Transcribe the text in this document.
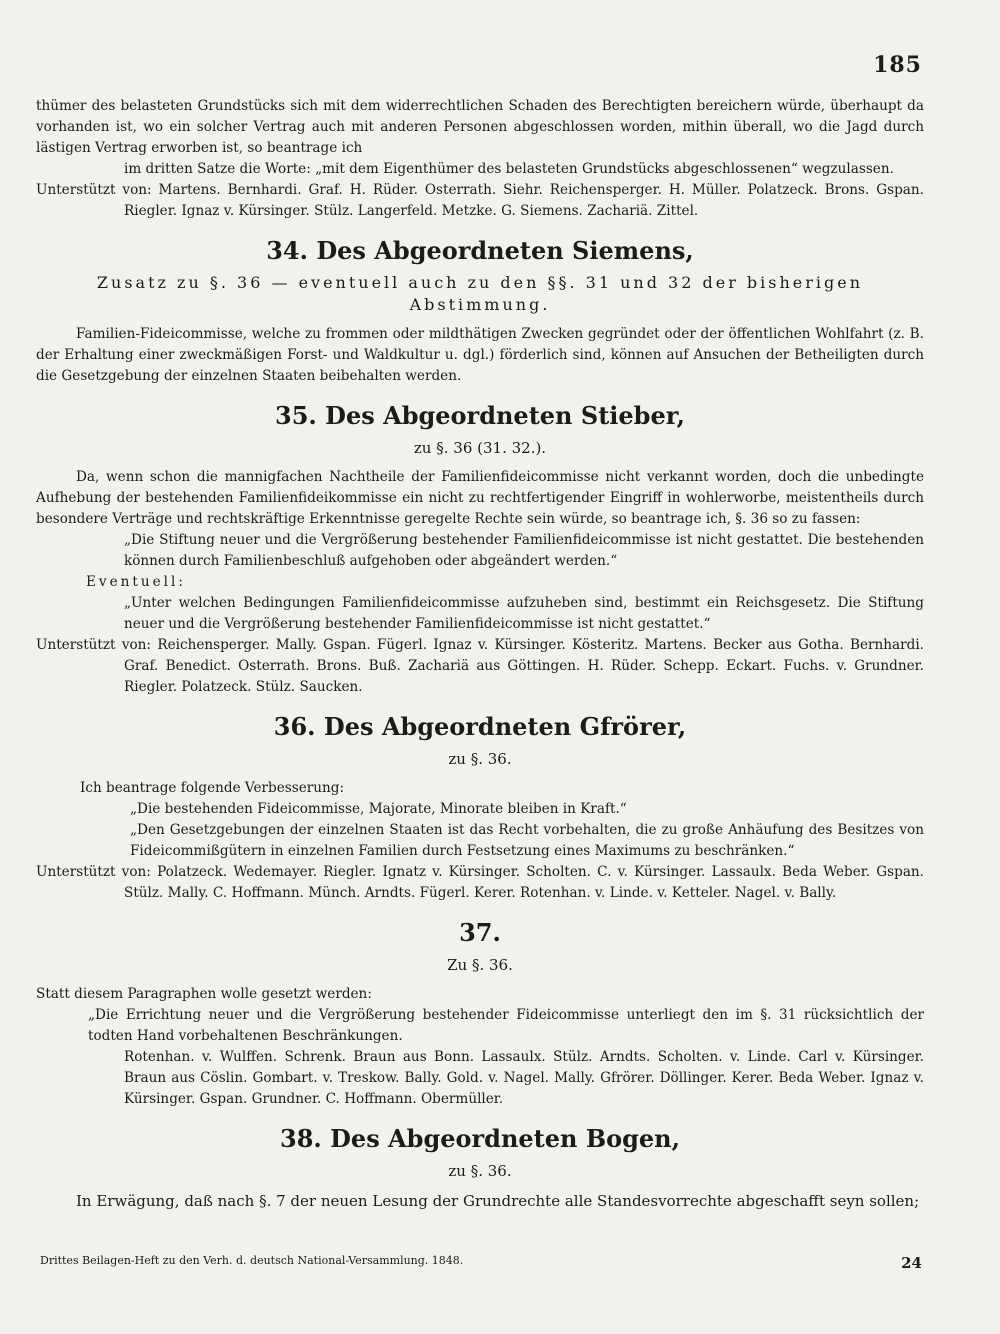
185

thümer des belasteten Grundstücks sich mit dem widerrechtlichen Schaden des Berechtigten bereichern würde, überhaupt da vorhanden ist, wo ein solcher Vertrag auch mit anderen Personen abgeschlossen worden, mithin überall, wo die Jagd durch lästigen Vertrag erworben ist, so beantrage ich

im dritten Satze die Worte: „mit dem Eigenthümer des belasteten Grundstücks abgeschlossenen“ wegzulassen.

Unterstützt von: Martens. Bernhardi. Graf. H. Rüder. Osterrath. Siehr. Reichensperger. H. Müller. Polatzeck. Brons. Gspan. Riegler. Ignaz v. Kürsinger. Stülz. Langerfeld. Metzke. G. Siemens. Zachariä. Zittel.

34. Des Abgeordneten Siemens,
Zusatz zu §. 36 — eventuell auch zu den §§. 31 und 32 der bisherigen Abstimmung.

Familien-Fideicommisse, welche zu frommen oder mildthätigen Zwecken gegründet oder der öffentlichen Wohlfahrt (z. B. der Erhaltung einer zweckmäßigen Forst- und Waldkultur u. dgl.) förderlich sind, können auf Ansuchen der Betheiligten durch die Gesetzgebung der einzelnen Staaten beibehalten werden.

35. Des Abgeordneten Stieber,
zu §. 36 (31. 32.).

Da, wenn schon die mannigfachen Nachtheile der Familienfideicommisse nicht verkannt worden, doch die unbedingte Aufhebung der bestehenden Familienfideikommisse ein nicht zu rechtfertigender Eingriff in wohlerworbe, meistentheils durch besondere Verträge und rechtskräftige Erkenntnisse geregelte Rechte sein würde, so beantrage ich, §. 36 so zu fassen:

„Die Stiftung neuer und die Vergrößerung bestehender Familienfideicommisse ist nicht gestattet. Die bestehenden können durch Familienbeschluß aufgehoben oder abgeändert werden.“

Eventuell:

„Unter welchen Bedingungen Familienfideicommisse aufzuheben sind, bestimmt ein Reichsgesetz. Die Stiftung neuer und die Vergrößerung bestehender Familienfideicommisse ist nicht gestattet.“

Unterstützt von: Reichensperger. Mally. Gspan. Fügerl. Ignaz v. Kürsinger. Kösteritz. Martens. Becker aus Gotha. Bernhardi. Graf. Benedict. Osterrath. Brons. Buß. Zachariä aus Göttingen. H. Rüder. Schepp. Eckart. Fuchs. v. Grundner. Riegler. Polatzeck. Stülz. Saucken.

36. Des Abgeordneten Gfrörer,
zu §. 36.

Ich beantrage folgende Verbesserung:

„Die bestehenden Fideicommisse, Majorate, Minorate bleiben in Kraft.“

„Den Gesetzgebungen der einzelnen Staaten ist das Recht vorbehalten, die zu große Anhäufung des Besitzes von Fideicommißgütern in einzelnen Familien durch Festsetzung eines Maximums zu beschränken.“

Unterstützt von: Polatzeck. Wedemayer. Riegler. Ignatz v. Kürsinger. Scholten. C. v. Kürsinger. Lassaulx. Beda Weber. Gspan. Stülz. Mally. C. Hoffmann. Münch. Arndts. Fügerl. Kerer. Rotenhan. v. Linde. v. Ketteler. Nagel. v. Bally.

37.
Zu §. 36.

Statt diesem Paragraphen wolle gesetzt werden:

„Die Errichtung neuer und die Vergrößerung bestehender Fideicommisse unterliegt den im §. 31 rücksichtlich der todten Hand vorbehaltenen Beschränkungen.

Rotenhan. v. Wulffen. Schrenk. Braun aus Bonn. Lassaulx. Stülz. Arndts. Scholten. v. Linde. Carl v. Kürsinger. Braun aus Cöslin. Gombart. v. Treskow. Bally. Gold. v. Nagel. Mally. Gfrörer. Döllinger. Kerer. Beda Weber. Ignaz v. Kürsinger. Gspan. Grundner. C. Hoffmann. Obermüller.

38. Des Abgeordneten Bogen,
zu §. 36.

In Erwägung, daß nach §. 7 der neuen Lesung der Grundrechte alle Standesvorrechte abgeschafft seyn sollen;

Drittes Beilagen-Heft zu den Verh. d. deutsch National-Versammlung. 1848.	24
